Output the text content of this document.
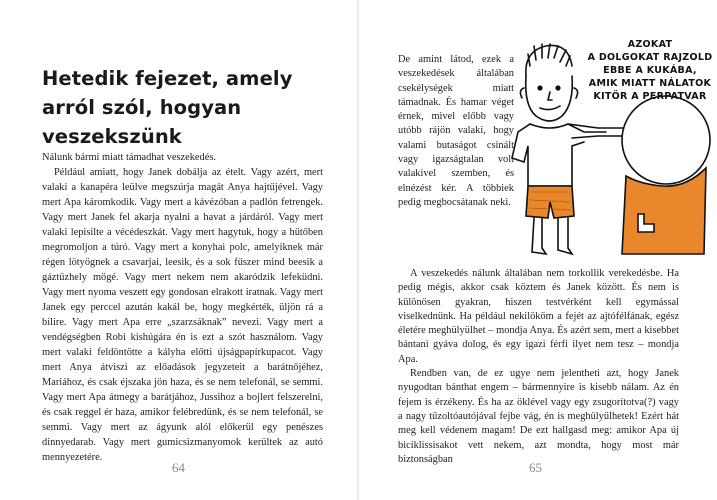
Hetedik fejezet, amely arról szól, hogyan veszekszünk

Nálunk bármi miatt támadhat veszekedés.

Például amiatt, hogy Janek dobálja az ételt. Vagy azért, mert valaki a kanapéra leülve megszúrja magát Anya hajtűjével. Vagy mert Apa káromkodik. Vagy mert a kávézóban a padlón fetrengek. Vagy mert Janek fel akarja nyalni a havat a járdáról. Vagy mert valaki lepisilte a vécédeszkát. Vagy mert hagytuk, hogy a hűtőben megromoljon a túró. Vagy mert a konyhai polc, amelyiknek már régen lötyögnek a csavarjai, leesik, és a sok fűszer mind beesik a gáztűzhely mögé. Vagy mert nekem nem akaródzik lefeküdni. Vagy mert nyoma veszett egy gondosan elrakott iratnak. Vagy mert Janek egy perccel azután kakál be, hogy megkérték, üljön rá a bilire. Vagy mert Apa erre „szarzsáknak” nevezi. Vagy mert a vendégségben Robi kishúgára én is ezt a szót használom. Vagy mert valaki feldöntötte a kályha előtti újságpapírkupacot. Vagy mert Anya átviszi az előadások jegyzeteit a barátnőjéhez, Mariához, és csak éjszaka jön haza, és se nem telefonál, se semmi. Vagy mert Apa átmegy a barátjához, Jussihoz a bojlert felszerelni, és csak reggel ér haza, amikor felébredünk, és se nem telefonál, se semmi. Vagy mert az ágyunk alól előkerül egy penészes dinnyedarab. Vagy mert gumicsizmanyomok kerültek az autó mennyezetére.

64

De amint látod, ezek a veszekedések általában csekélységek miatt támadnak. És hamar véget érnek, mivel előbb vagy utóbb rájön valaki, hogy valami butaságot csinált vagy igazságtalan volt valakivel szemben, és elnézést kér. A többiek pedig megbocsátanak neki.

AZOKAT
A DOLGOKAT RAJZOLD
EBBE A KUKÁBA,
AMIK MIATT NÁLATOK
KITÖR A PERPATVAR

A veszekedés nálunk általában nem torkollik verekedésbe. Ha pedig mégis, akkor csak köztem és Janek között. És nem is különösen gyakran, hiszen testvérként kell egymással viselkednünk. Ha például nekilököm a fejét az ajtófélfának, egész életére meghülyülhet – mondja Anya. És azért sem, mert a kisebbet bántani gyáva dolog, és egy igazi férfi ilyet nem tesz – mondja Apa.

Rendben van, de ez ugye nem jelentheti azt, hogy Janek nyugodtan bánthat engem – bármennyire is kisebb nálam. Az én fejem is érzékeny. És ha az öklével vagy egy zsugorítotva(?) vagy a nagy tűzoltóautójával fejbe vág, én is meghülyülhetek! Ezért hát meg kell védenem magam! De ezt hallgasd meg: amikor Apa új biciklissisakot vett nekem, azt mondta, hogy most már biztonságban

65
